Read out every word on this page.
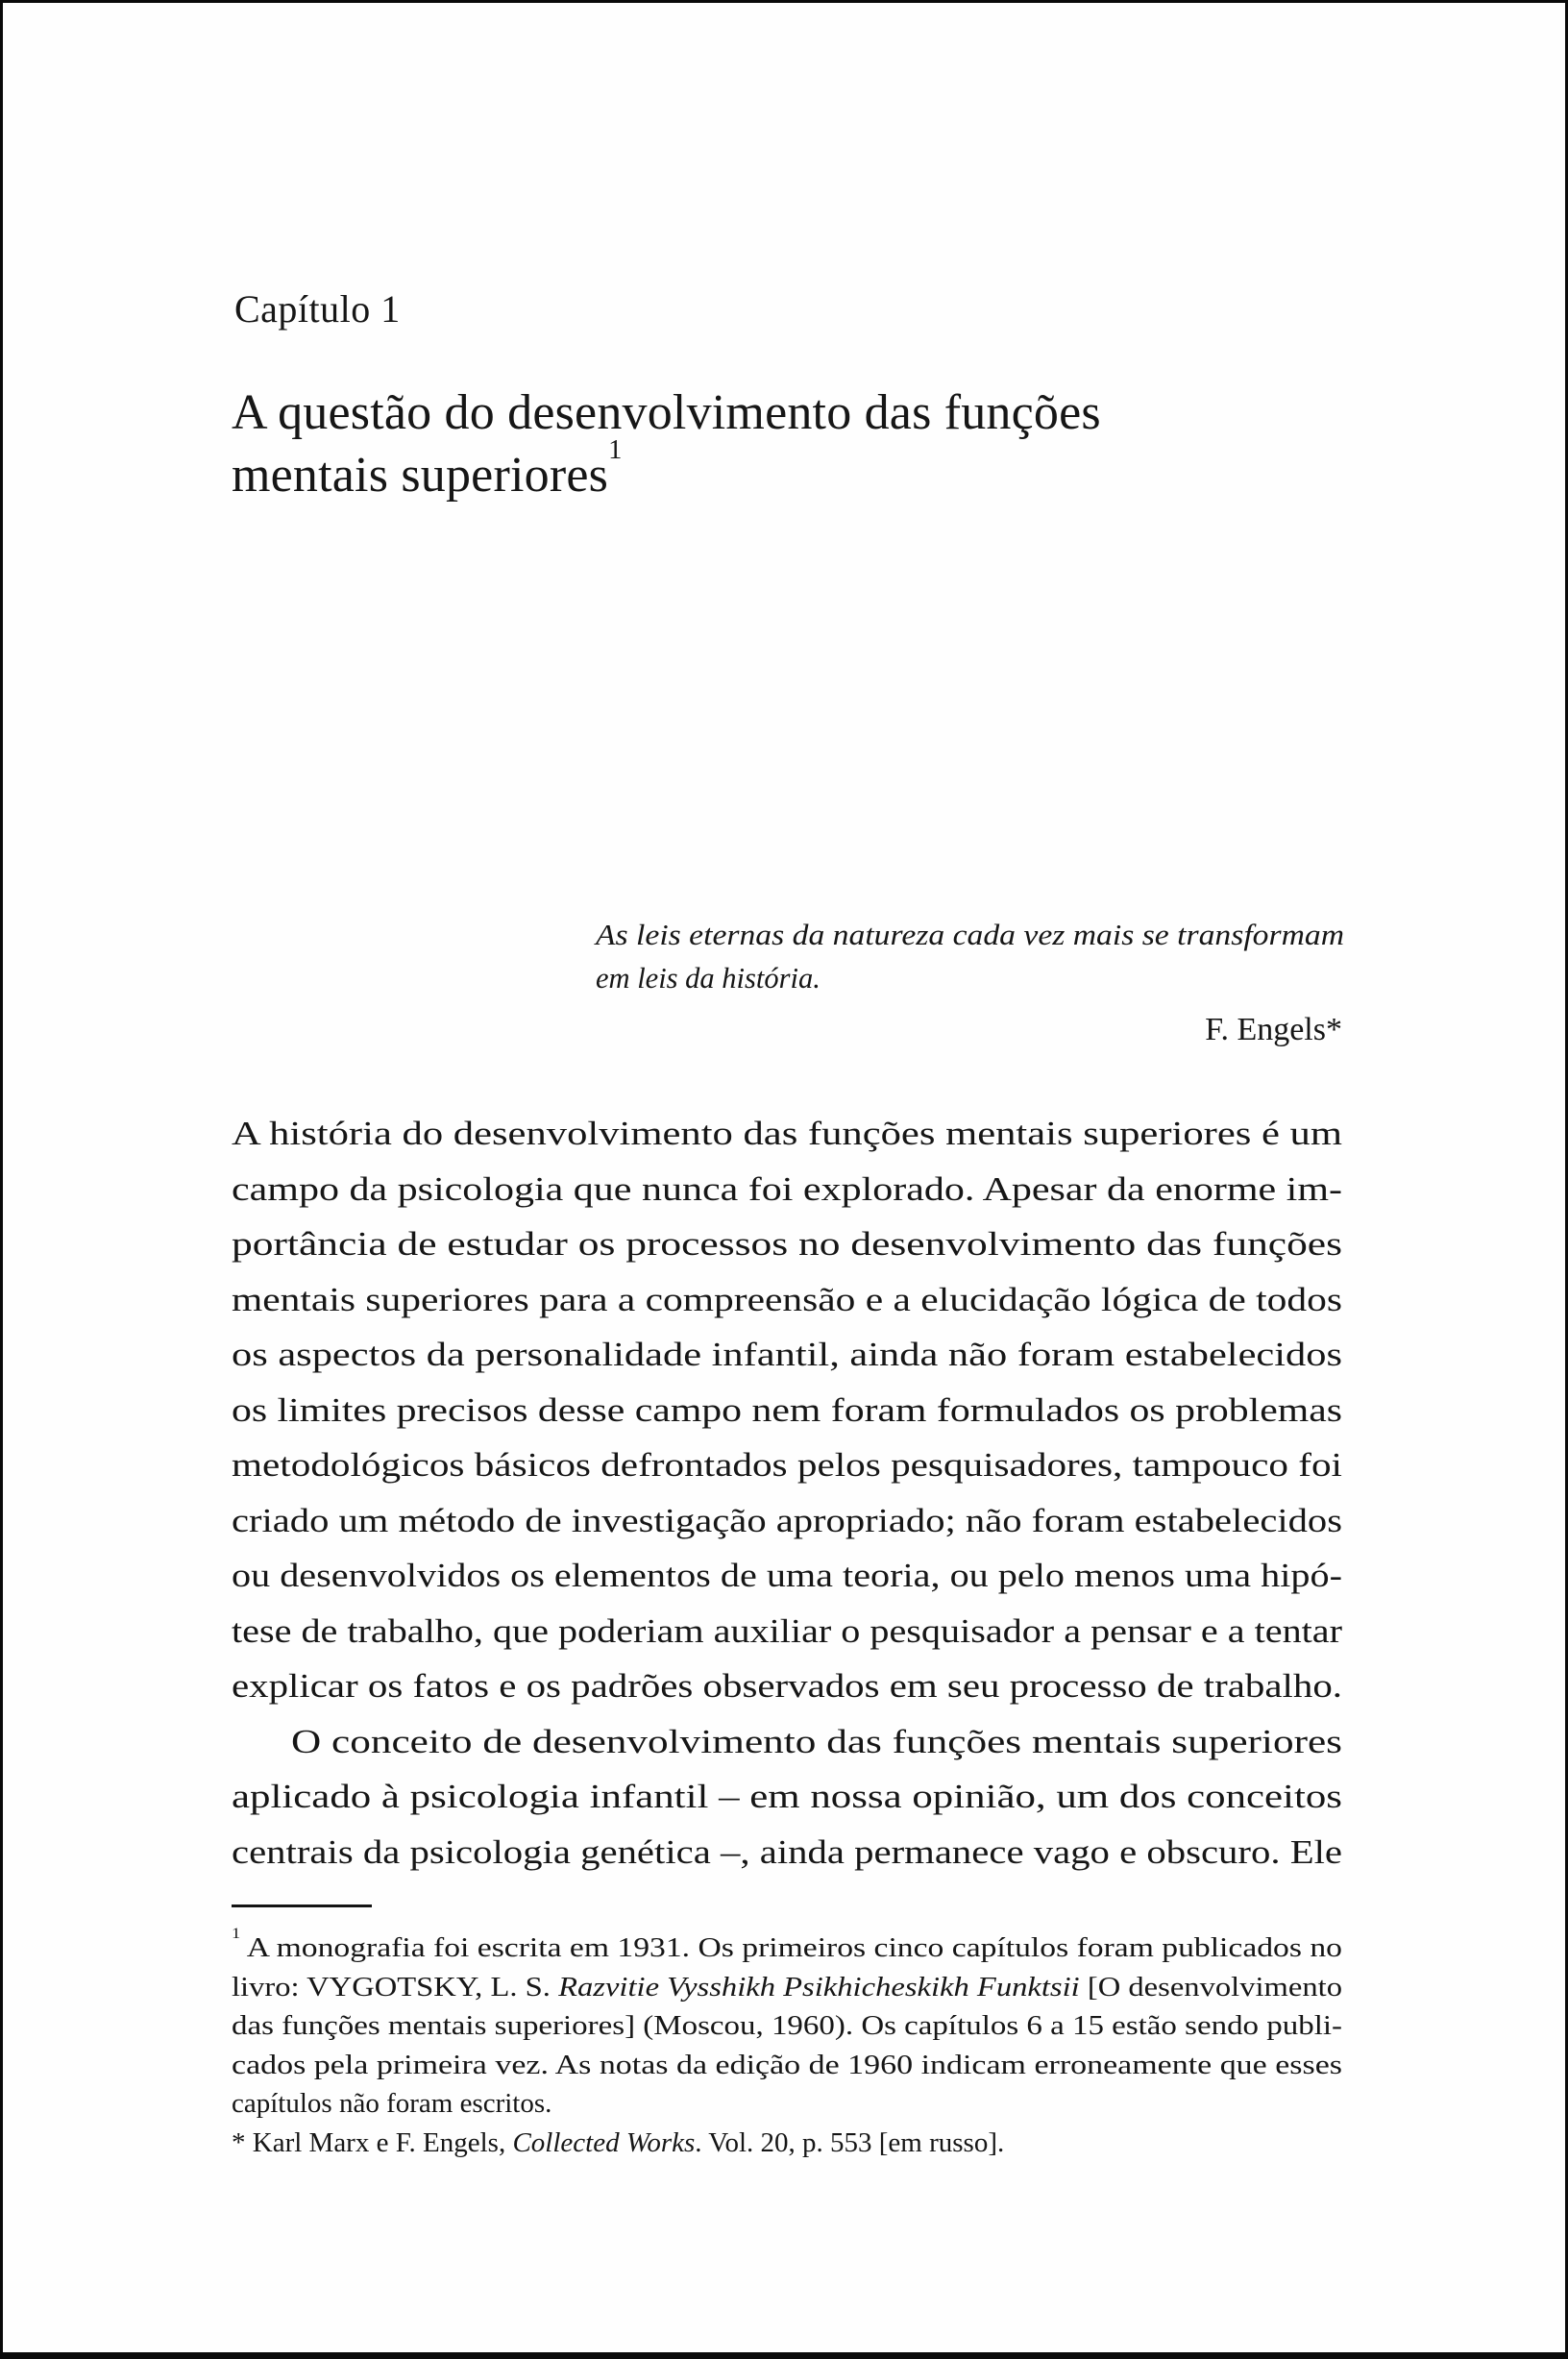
Capítulo 1
A questão do desenvolvimento das funções
mentais superiores$^1$
As leis eternas da natureza cada vez mais se transformam
em leis da história.
F. Engels*
A história do desenvolvimento das funções mentais superiores é um
campo da psicologia que nunca foi explorado. Apesar da enorme im-
portância de estudar os processos no desenvolvimento das funções
mentais superiores para a compreensão e a elucidação lógica de todos
os aspectos da personalidade infantil, ainda não foram estabelecidos
os limites precisos desse campo nem foram formulados os problemas
metodológicos básicos defrontados pelos pesquisadores, tampouco foi
criado um método de investigação apropriado; não foram estabelecidos
ou desenvolvidos os elementos de uma teoria, ou pelo menos uma hipó-
tese de trabalho, que poderiam auxiliar o pesquisador a pensar e a tentar
explicar os fatos e os padrões observados em seu processo de trabalho.
O conceito de desenvolvimento das funções mentais superiores
aplicado à psicologia infantil – em nossa opinião, um dos conceitos
centrais da psicologia genética –, ainda permanece vago e obscuro. Ele
$^1$ A monografia foi escrita em 1931. Os primeiros cinco capítulos foram publicados no
livro: VYGOTSKY, L. S. Razvitie Vysshikh Psikhicheskikh Funktsii [O desenvolvimento
das funções mentais superiores] (Moscou, 1960). Os capítulos 6 a 15 estão sendo publi-
cados pela primeira vez. As notas da edição de 1960 indicam erroneamente que esses
capítulos não foram escritos.
* Karl Marx e F. Engels, Collected Works. Vol. 20, p. 553 [em russo].
